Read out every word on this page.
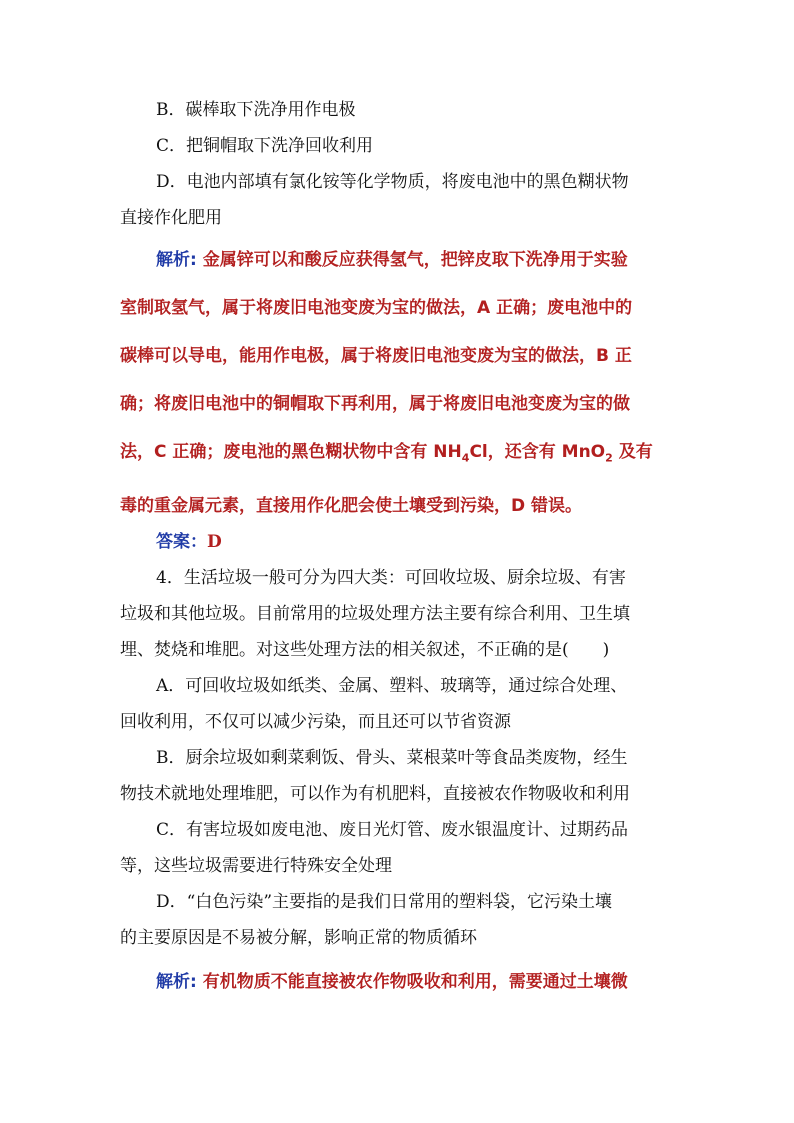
B．碳棒取下洗净用作电极
C．把铜帽取下洗净回收利用
D．电池内部填有氯化铵等化学物质，将废电池中的黑色糊状物
直接作化肥用
解析: 金属锌可以和酸反应获得氢气，把锌皮取下洗净用于实验
室制取氢气，属于将废旧电池变废为宝的做法，A 正确；废电池中的
碳棒可以导电，能用作电极，属于将废旧电池变废为宝的做法，B 正
确；将废旧电池中的铜帽取下再利用，属于将废旧电池变废为宝的做
法，C 正确；废电池的黑色糊状物中含有 $NH_4Cl$，还含有 MnO$_2$ 及有
毒的重金属元素，直接用作化肥会使土壤受到污染，D 错误。
答案：D
4．生活垃圾一般可分为四大类：可回收垃圾、厨余垃圾、有害
垃圾和其他垃圾。目前常用的垃圾处理方法主要有综合利用、卫生填
埋、焚烧和堆肥。对这些处理方法的相关叙述，不正确的是(　　)
A．可回收垃圾如纸类、金属、塑料、玻璃等，通过综合处理、
回收利用，不仅可以减少污染，而且还可以节省资源
B．厨余垃圾如剩菜剩饭、骨头、菜根菜叶等食品类废物，经生
物技术就地处理堆肥，可以作为有机肥料，直接被农作物吸收和利用
C．有害垃圾如废电池、废日光灯管、废水银温度计、过期药品
等，这些垃圾需要进行特殊安全处理
D．“白色污染”主要指的是我们日常用的塑料袋，它污染土壤
的主要原因是不易被分解，影响正常的物质循环
解析: 有机物质不能直接被农作物吸收和利用，需要通过土壤微
